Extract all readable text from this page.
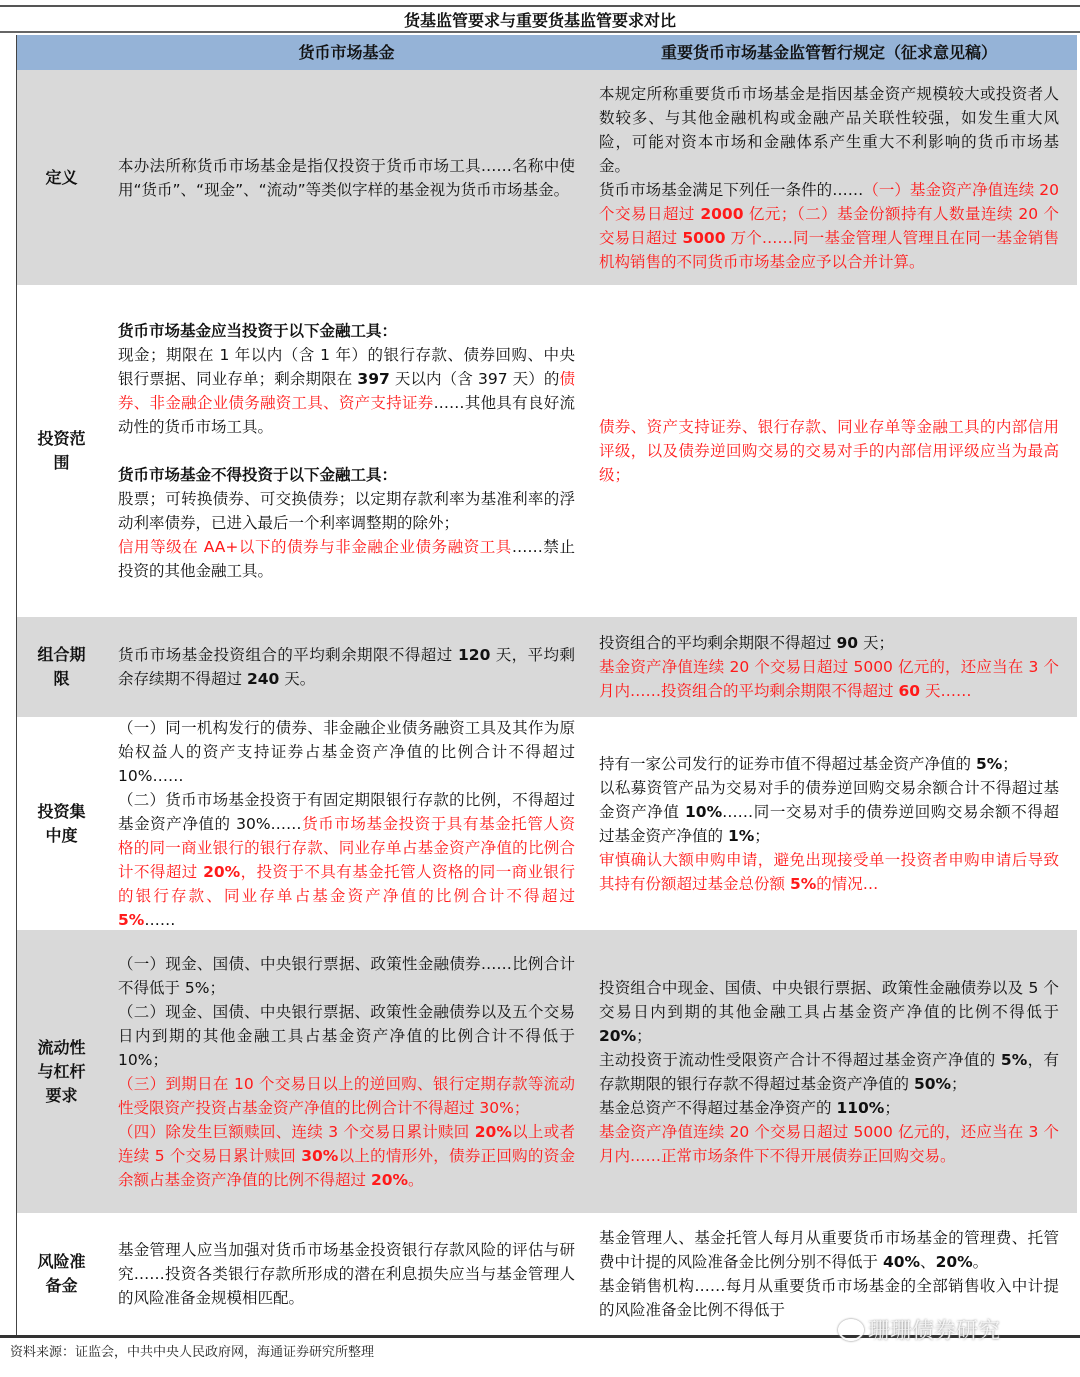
货基监管要求与重要货基监管要求对比
货币市场基金	重要货币市场基金监管暂行规定（征求意见稿）
定义

本办法所称货币市场基金是指仅投资于货币市场工具……名称中使用“货币”、“现金”、“流动”等类似字样的基金视为货币市场基金。

本规定所称重要货币市场基金是指因基金资产规模较大或投资者人数较多、与其他金融机构或金融产品关联性较强，如发生重大风险，可能对资本市场和金融体系产生重大不利影响的货币市场基金。

货币市场基金满足下列任一条件的……（一）基金资产净值连续 20 个交易日超过 2000 亿元；（二）基金份额持有人数量连续 20 个交易日超过 5000 万个……同一基金管理人管理且在同一基金销售机构销售的不同货币市场基金应予以合并计算。

投资范围

货币市场基金应当投资于以下金融工具：

现金；期限在 1 年以内（含 1 年）的银行存款、债券回购、中央银行票据、同业存单；剩余期限在 397 天以内（含 397 天）的债券、非金融企业债务融资工具、资产支持证券……其他具有良好流动性的货币市场工具。

货币市场基金不得投资于以下金融工具：

股票；可转换债券、可交换债券；以定期存款利率为基准利率的浮动利率债券，已进入最后一个利率调整期的除外；

信用等级在 AA+以下的债券与非金融企业债务融资工具……禁止投资的其他金融工具。

债券、资产支持证券、银行存款、同业存单等金融工具的内部信用评级，以及债券逆回购交易的交易对手的内部信用评级应当为最高级；

组合期限

货币市场基金投资组合的平均剩余期限不得超过 120 天，平均剩余存续期不得超过 240 天。

投资组合的平均剩余期限不得超过 90 天；

基金资产净值连续 20 个交易日超过 5000 亿元的，还应当在 3 个月内……投资组合的平均剩余期限不得超过 60 天……

投资集中度

（一）同一机构发行的债券、非金融企业债务融资工具及其作为原始权益人的资产支持证券占基金资产净值的比例合计不得超过 10%……

（二）货币市场基金投资于有固定期限银行存款的比例，不得超过基金资产净值的 30%……货币市场基金投资于具有基金托管人资格的同一商业银行的银行存款、同业存单占基金资产净值的比例合计不得超过 20%，投资于不具有基金托管人资格的同一商业银行的银行存款、同业存单占基金资产净值的比例合计不得超过 5%……

持有一家公司发行的证券市值不得超过基金资产净值的 5%；

以私募资管产品为交易对手的债券逆回购交易余额合计不得超过基金资产净值 10%……同一交易对手的债券逆回购交易余额不得超过基金资产净值的 1%；

审慎确认大额申购申请，避免出现接受单一投资者申购申请后导致其持有份额超过基金总份额 5%的情况…

流动性与杠杆要求

（一）现金、国债、中央银行票据、政策性金融债券……比例合计不得低于 5%；

（二）现金、国债、中央银行票据、政策性金融债券以及五个交易日内到期的其他金融工具占基金资产净值的比例合计不得低于 10%；

（三）到期日在 10 个交易日以上的逆回购、银行定期存款等流动性受限资产投资占基金资产净值的比例合计不得超过 30%；

（四）除发生巨额赎回、连续 3 个交易日累计赎回 20%以上或者连续 5 个交易日累计赎回 30%以上的情形外，债券正回购的资金余额占基金资产净值的比例不得超过 20%。

投资组合中现金、国债、中央银行票据、政策性金融债券以及 5 个交易日内到期的其他金融工具占基金资产净值的比例不得低于 20%；

主动投资于流动性受限资产合计不得超过基金资产净值的 5%，有存款期限的银行存款不得超过基金资产净值的 50%；

基金总资产不得超过基金净资产的 110%；

基金资产净值连续 20 个交易日超过 5000 亿元的，还应当在 3 个月内……正常市场条件下不得开展债券正回购交易。

风险准备金

基金管理人应当加强对货币市场基金投资银行存款风险的评估与研究……投资各类银行存款所形成的潜在利息损失应当与基金管理人的风险准备金规模相匹配。

基金管理人、基金托管人每月从重要货币市场基金的管理费、托管费中计提的风险准备金比例分别不得低于 40%、20%。

基金销售机构……每月从重要货币市场基金的全部销售收入中计提的风险准备金比例不得低于

资料来源：证监会，中共中央人民政府网，海通证券研究所整理
珊珊债券研究
